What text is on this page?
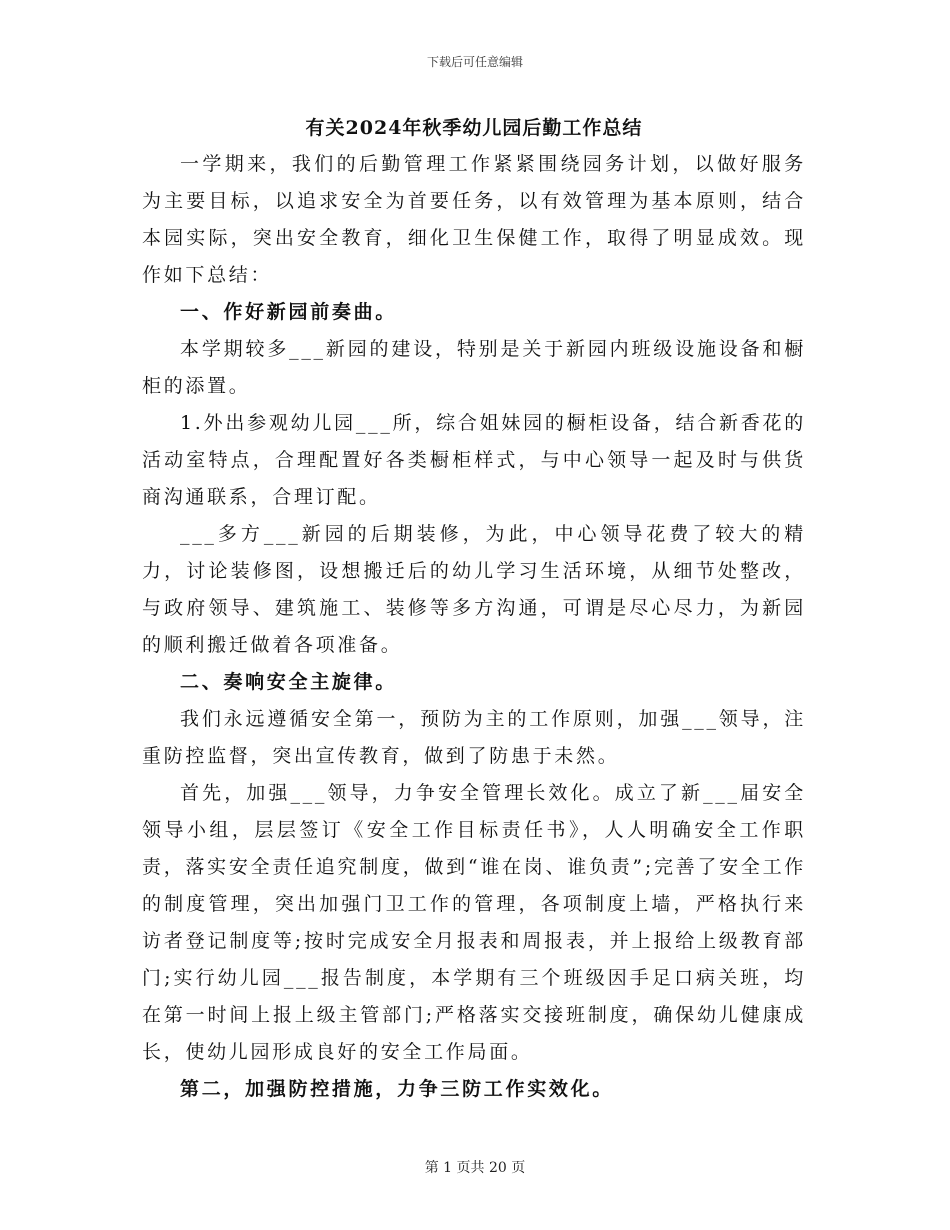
下载后可任意编辑
有关2024年秋季幼儿园后勤工作总结

一学期来，我们的后勤管理工作紧紧围绕园务计划，以做好服务为主要目标，以追求安全为首要任务，以有效管理为基本原则，结合本园实际，突出安全教育，细化卫生保健工作，取得了明显成效。现作如下总结：

一、作好新园前奏曲。

本学期较多___新园的建设，特别是关于新园内班级设施设备和橱柜的添置。

1.外出参观幼儿园___所，综合姐妹园的橱柜设备，结合新香花的活动室特点，合理配置好各类橱柜样式，与中心领导一起及时与供货商沟通联系，合理订配。

___多方___新园的后期装修，为此，中心领导花费了较大的精力，讨论装修图，设想搬迁后的幼儿学习生活环境，从细节处整改，与政府领导、建筑施工、装修等多方沟通，可谓是尽心尽力，为新园的顺利搬迁做着各项准备。

二、奏响安全主旋律。

我们永远遵循安全第一，预防为主的工作原则，加强___领导，注重防控监督，突出宣传教育，做到了防患于未然。

首先，加强___领导，力争安全管理长效化。成立了新___届安全领导小组，层层签订《安全工作目标责任书》，人人明确安全工作职责，落实安全责任追究制度，做到“谁在岗、谁负责”;完善了安全工作的制度管理，突出加强门卫工作的管理，各项制度上墙，严格执行来访者登记制度等;按时完成安全月报表和周报表，并上报给上级教育部门;实行幼儿园___报告制度，本学期有三个班级因手足口病关班，均在第一时间上报上级主管部门;严格落实交接班制度，确保幼儿健康成长，使幼儿园形成良好的安全工作局面。

第二，加强防控措施，力争三防工作实效化。

第 1 页共 20 页
